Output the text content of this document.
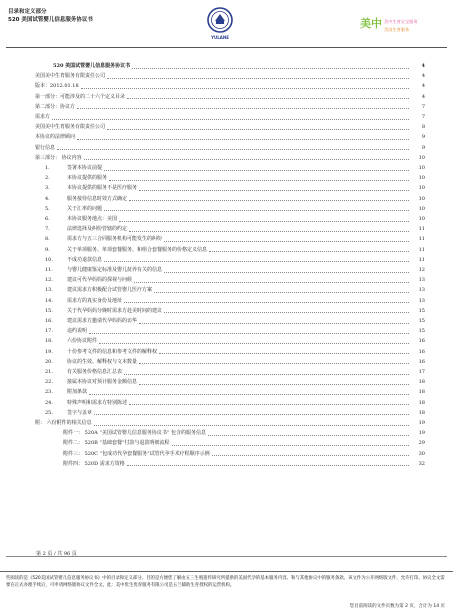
目录和定义部分
520 美国试管婴儿信息服务协议书
YULANE
美中 美中生育宝宝服务
美国生育服务
520 美国试管婴儿信息服务协议书	4
美国美中生育服务有限责任公司	4
版本：2012.01.18	4
第一部分：可能涉及的二十六个定义目录	4
第二部分：协议方	7
需求方	7
美国美中生育服务有限责任公司	8
本协议的法律顾问	9
银行信息	9
第三部分： 协议内容	10
1.	签署本协议前提	10
2.	本协议提供的服务	10
3.	本协议提供的服务不是医疗服务	10
4.	服务接待信息时效方式确定	10
5.	关于汇率的问题	10
6.	本协议服务地点：美国	10
7.	法律选择及纠纷管辖的约定	11
8.	需求方与五三合同服务机构可能发生的纠纷	11
9.	关于单项服务、单项套餐服务、和组合套餐服务的价格定义信息	11
10.	不成功退款信息	11
11.	与婴儿健康鉴定标准及婴儿抚养有关的信息	12
12.	建议可代孕妈妈的探视与问候	13
13.	建议需求方积极配合试管婴儿医疗方案	13
14.	需求方的真实身份及地址	13
15.	关于代孕妈妈分娩时需求方赴美时间的建议	15
16.	建议需求方邀请代孕妈妈的访华	15
17.	违约说明	15
18.	六份协议附件	16
19.	十份参考文件的信息和参考文件的解释权	16
20.	协议的生效、解释权与文本数量	16
21.	有关服务价格信息汇总表	17
22.	接属本协议对预计服务金额信息	18
23.	附加条款	18
24.	特殊声明和需求方特别陈述	18
25.	签字与盖章	18
附： 六份附件的相关信息	19
附件一： 520A “美国试管婴儿信息服务协议书” 包含的服务信息	19
附件二： 520B “基础套餐”付款与退款明细流程	29
附件三： 520C “包成功代孕套餐服务”试管代孕手术疗程顺序示例	30
附件四： 520D 需求方资格	32
第 2 页 / 共 96 页
些阅读的是《520美国试管婴儿信息服务协议书》中的目录和定义部分。目的是方便您了解由五三生殖遗传研究所提供的美国代孕的基本服务内容。和与其他协议中的服务条款。该文件为公开网络版文件，允许打印。协议全文需要在正式办理手续后，可申请网络版协议文件全文。此：美中优生优育服务有限公司是五兰辅助生育授权的运营机构。
您目前阅读的文件页数为第 2 页，合计为 14 页
